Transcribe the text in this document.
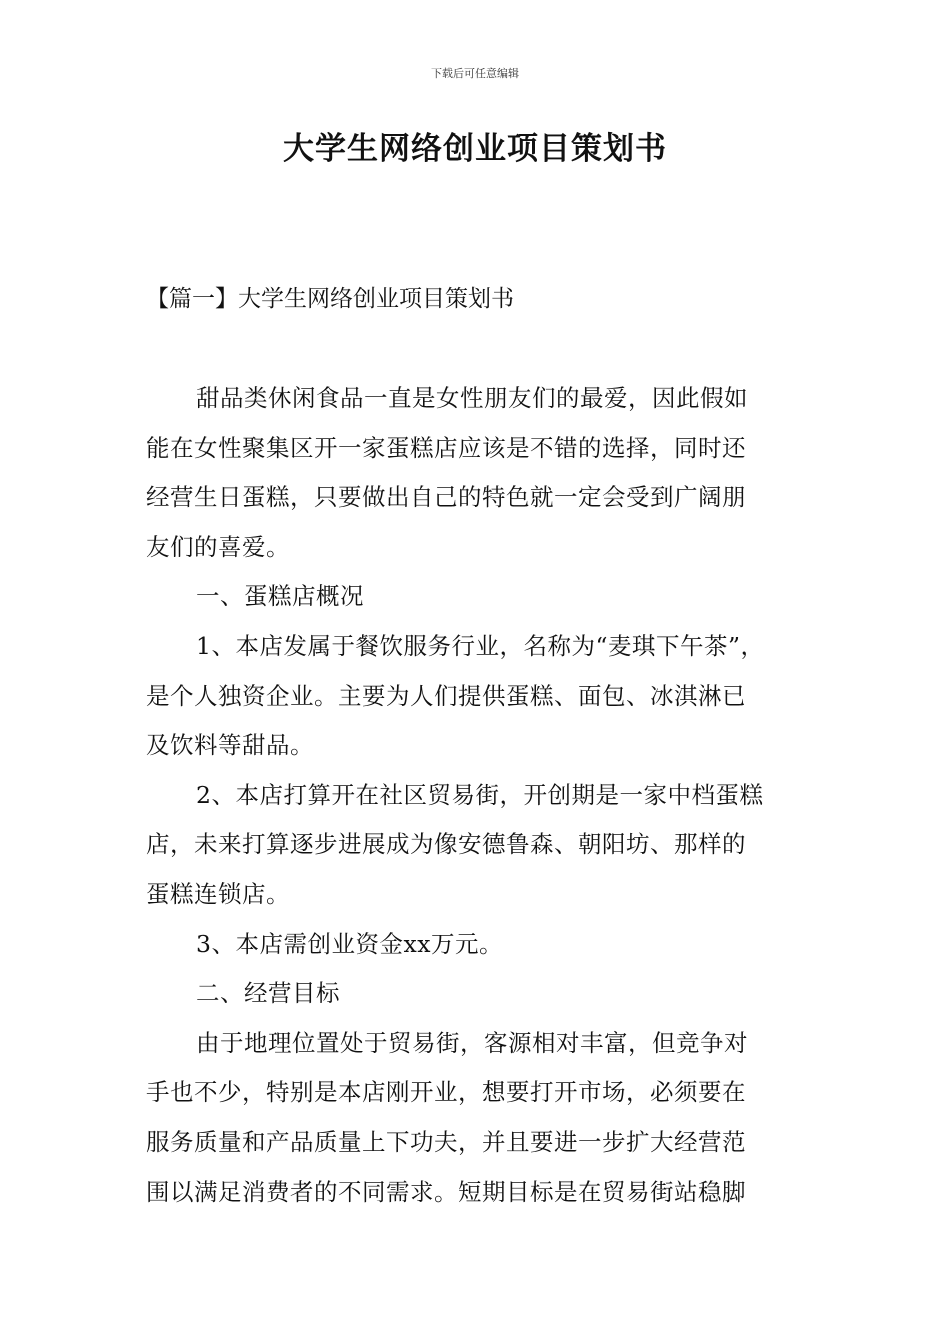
下载后可任意编辑
大学生网络创业项目策划书
【篇一】大学生网络创业项目策划书
甜品类休闲食品一直是女性朋友们的最爱，因此假如
能在女性聚集区开一家蛋糕店应该是不错的选择，同时还
经营生日蛋糕，只要做出自己的特色就一定会受到广阔朋
友们的喜爱。
一、蛋糕店概况
1、本店发属于餐饮服务行业，名称为“麦琪下午茶”，
是个人独资企业。主要为人们提供蛋糕、面包、冰淇淋已
及饮料等甜品。
2、本店打算开在社区贸易街，开创期是一家中档蛋糕
店，未来打算逐步进展成为像安德鲁森、朝阳坊、那样的
蛋糕连锁店。
3、本店需创业资金xx万元。
二、经营目标
由于地理位置处于贸易街，客源相对丰富，但竞争对
手也不少，特别是本店刚开业，想要打开市场，必须要在
服务质量和产品质量上下功夫，并且要进一步扩大经营范
围以满足消费者的不同需求。短期目标是在贸易街站稳脚
